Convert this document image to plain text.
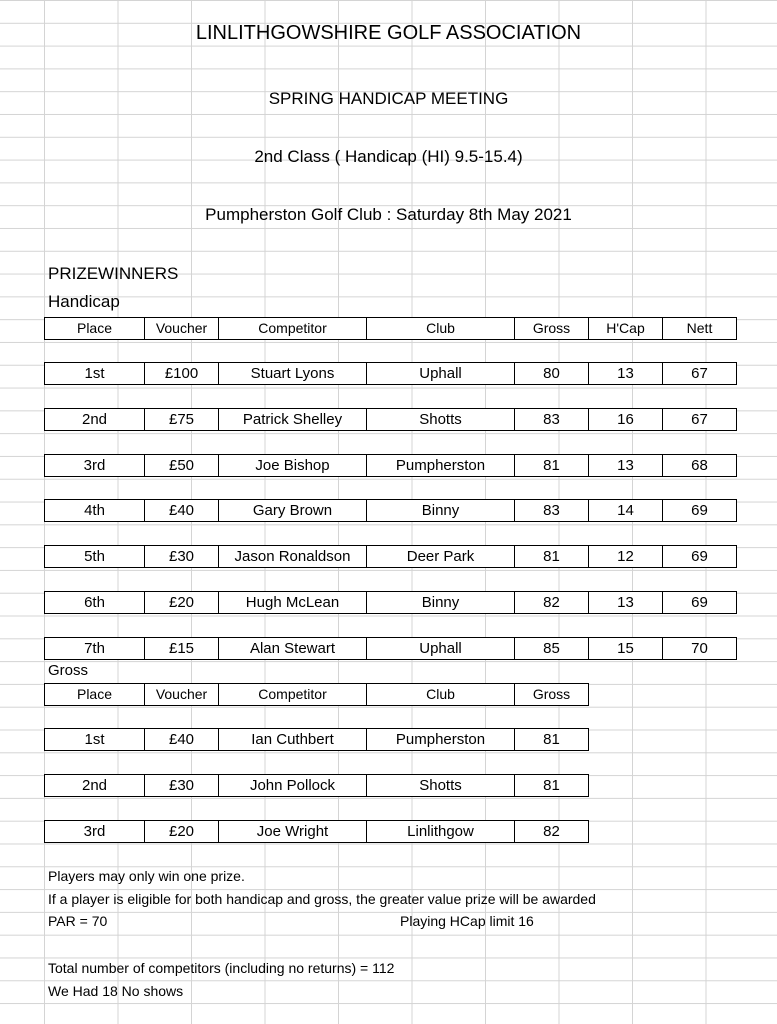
LINLITHGOWSHIRE GOLF ASSOCIATION
SPRING HANDICAP MEETING
2nd Class ( Handicap (HI) 9.5-15.4)
Pumpherston Golf Club : Saturday 8th May 2021
PRIZEWINNERS
Handicap
Place	Voucher	Competitor	Club	Gross	H'Cap	Nett
1st	£100	Stuart Lyons	Uphall	80	13	67
2nd	£75	Patrick Shelley	Shotts	83	16	67
3rd	£50	Joe Bishop	Pumpherston	81	13	68
4th	£40	Gary Brown	Binny	83	14	69
5th	£30	Jason Ronaldson	Deer Park	81	12	69
6th	£20	Hugh McLean	Binny	82	13	69
7th	£15	Alan Stewart	Uphall	85	15	70
Gross
Place	Voucher	Competitor	Club	Gross
1st	£40	Ian Cuthbert	Pumpherston	81
2nd	£30	John Pollock	Shotts	81
3rd	£20	Joe Wright	Linlithgow	82
Players may only win one prize.
If a player is eligible for both handicap and gross, the greater value prize will be awarded
PAR = 70	Playing HCap limit 16
Total number of competitors (including no returns) = 112
We Had 18 No shows
